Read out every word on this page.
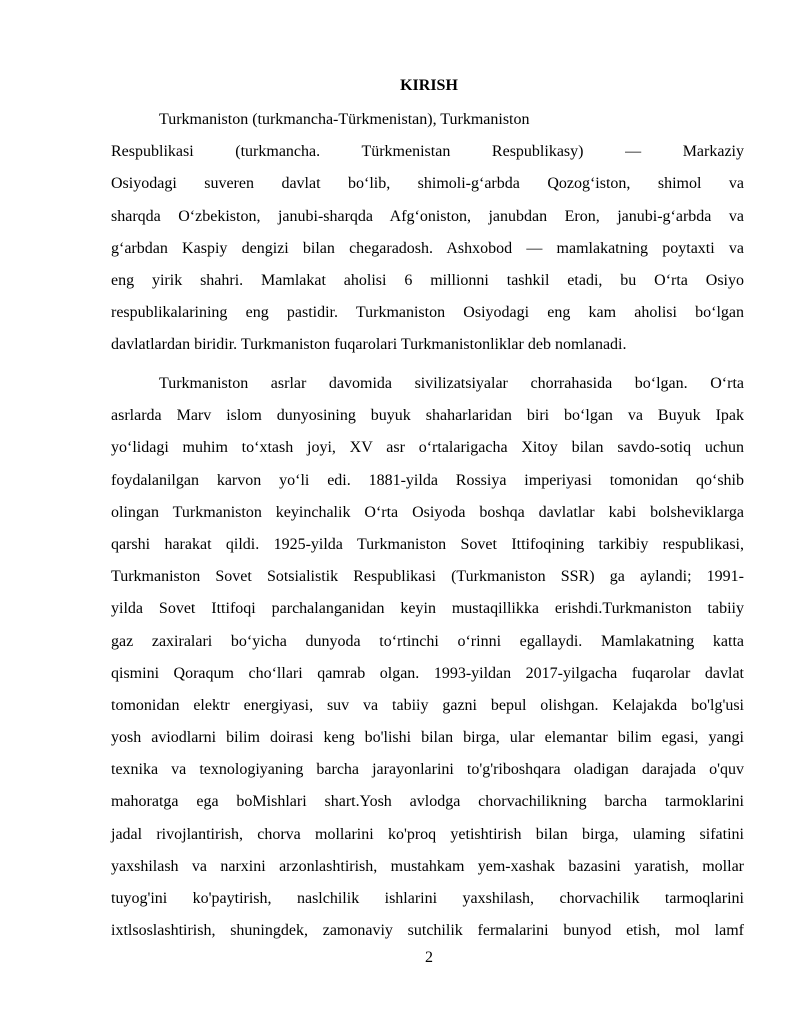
KIRISH

Turkmaniston (turkmancha-Türkmenistan), Turkmaniston
Respublikasi (turkmancha. Türkmenistan Respublikasy) — Markaziy
Osiyodagi suveren davlat bo‘lib, shimoli-g‘arbda Qozog‘iston, shimol va
sharqda O‘zbekiston, janubi-sharqda Afg‘oniston, janubdan Eron, janubi-g‘arbda va
g‘arbdan Kaspiy dengizi bilan chegaradosh. Ashxobod — mamlakatning poytaxti va
eng yirik shahri. Mamlakat aholisi 6 millionni tashkil etadi, bu O‘rta Osiyo
respublikalarining eng pastidir. Turkmaniston Osiyodagi eng kam aholisi bo‘lgan
davlatlardan biridir. Turkmaniston fuqarolari Turkmanistonliklar deb nomlanadi.

Turkmaniston asrlar davomida sivilizatsiyalar chorrahasida bo‘lgan. O‘rta
asrlarda Marv islom dunyosining buyuk shaharlaridan biri bo‘lgan va Buyuk Ipak
yo‘lidagi muhim to‘xtash joyi, XV asr o‘rtalarigacha Xitoy bilan savdo-sotiq uchun
foydalanilgan karvon yo‘li edi. 1881-yilda Rossiya imperiyasi tomonidan qo‘shib
olingan Turkmaniston keyinchalik O‘rta Osiyoda boshqa davlatlar kabi bolsheviklarga
qarshi harakat qildi. 1925-yilda Turkmaniston Sovet Ittifoqining tarkibiy respublikasi,
Turkmaniston Sovet Sotsialistik Respublikasi (Turkmaniston SSR) ga aylandi; 1991-
yilda Sovet Ittifoqi parchalanganidan keyin mustaqillikka erishdi.Turkmaniston tabiiy
gaz zaxiralari bo‘yicha dunyoda to‘rtinchi o‘rinni egallaydi. Mamlakatning katta
qismini Qoraqum cho‘llari qamrab olgan. 1993-yildan 2017-yilgacha fuqarolar davlat
tomonidan elektr energiyasi, suv va tabiiy gazni bepul olishgan. Kelajakda bo'lg'usi
yosh aviodlarni bilim doirasi keng bo'lishi bilan birga, ular elemantar bilim egasi, yangi
texnika va texnologiyaning barcha jarayonlarini to'g'riboshqara oladigan darajada o'quv
mahoratga ega boMishlari shart.Yosh avlodga chorvachilikning barcha tarmoklarini
jadal rivojlantirish, chorva mollarini ko'proq yetishtirish bilan birga, ulaming sifatini
yaxshilash va narxini arzonlashtirish, mustahkam yem-xashak bazasini yaratish, mollar
tuyog'ini ko'paytirish, naslchilik ishlarini yaxshilash, chorvachilik tarmoqlarini
ixtlsoslashtirish, shuningdek, zamonaviy sutchilik fermalarini bunyod etish, mol lamf

2
